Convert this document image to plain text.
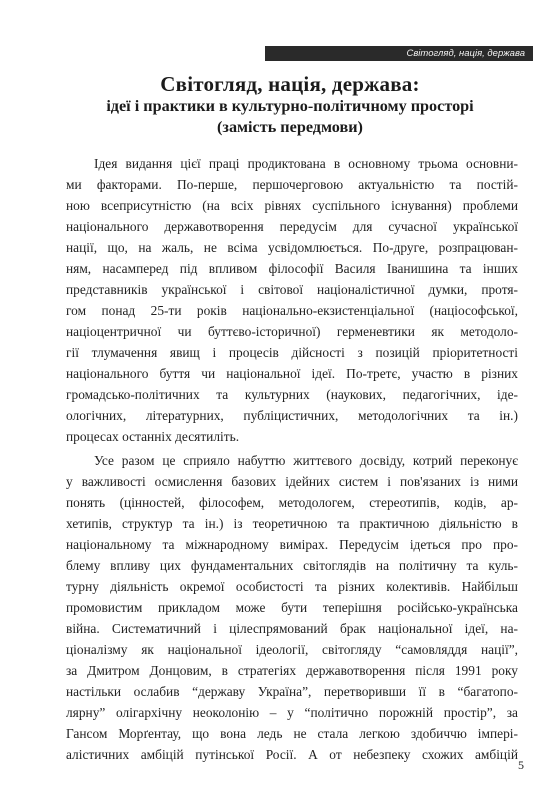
Світогляд, нація, держава
Світогляд, нація, держава:
ідеї і практики в культурно-політичному просторі
(замість передмови)
Ідея видання цієї праці продиктована в основному трьома основни-
ми факторами. По-перше, першочерговою актуальністю та постій-
ною всеприсутністю (на всіх рівнях суспільного існування) проблеми
національного державотворення передусім для сучасної української
нації, що, на жаль, не всіма усвідомлюється. По-друге, розпрацюван-
ням, насамперед під впливом філософії Василя Іванишина та інших
представників української і світової націоналістичної думки, протя-
гом понад 25-ти років національно-екзистенціальної (націософської,
націоцентричної чи буттєво-історичної) герменевтики як методоло-
гії тлумачення явищ і процесів дійсності з позицій пріоритетності
національного буття чи національної ідеї. По-третє, участю в різних
громадсько-політичних та культурних (наукових, педагогічних, іде-
ологічних, літературних, публіцистичних, методологічних та ін.)
процесах останніх десятиліть.
Усе разом це сприяло набуттю життєвого досвіду, котрий переконує
у важливості осмислення базових ідейних систем і пов'язаних із ними
понять (цінностей, філософем, методологем, стереотипів, кодів, ар-
хетипів, структур та ін.) із теоретичною та практичною діяльністю в
національному та міжнародному вимірах. Передусім ідеться про про-
блему впливу цих фундаментальних світоглядів на політичну та куль-
турну діяльність окремої особистості та різних колективів. Найбільш
промовистим прикладом може бути теперішня російсько-українська
війна. Систематичний і цілеспрямований брак національної ідеї, на-
ціоналізму як національної ідеології, світогляду “самовляддя нації”,
за Дмитром Донцовим, в стратегіях державотворення після 1991 року
настільки ослабив “державу Україна”, перетворивши її в “багатопо-
лярну” олігархічну неоколонію – у “політично порожній простір”, за
Гансом Морґентау, що вона ледь не стала легкою здобиччю імпері-
алістичних амбіцій путінської Росії. А от небезпеку схожих амбіцій
5
